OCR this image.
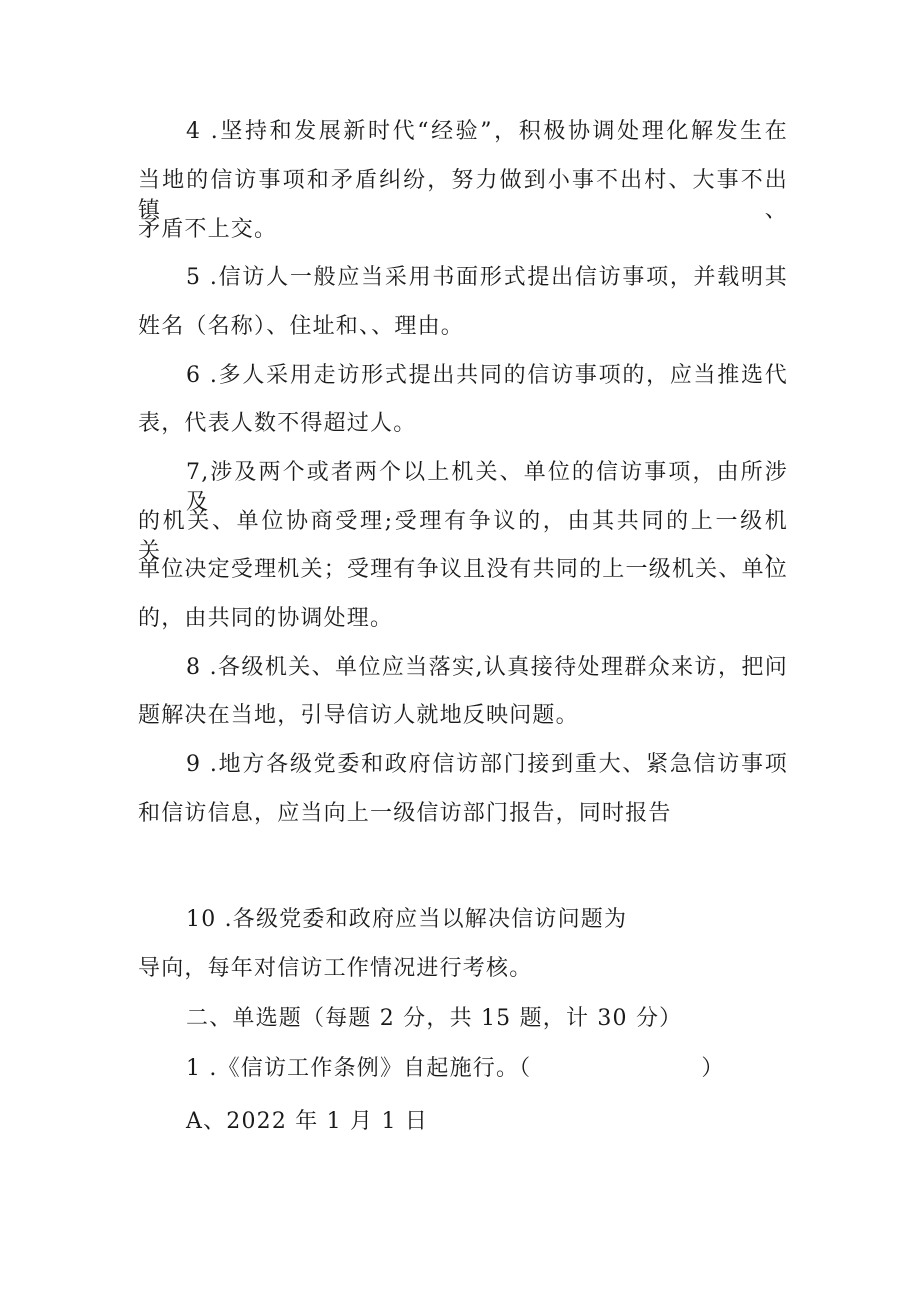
4 .坚持和发展新时代“经验”，积极协调处理化解发生在
当地的信访事项和矛盾纠纷，努力做到小事不出村、大事不出镇、
矛盾不上交。
5 .信访人一般应当采用书面形式提出信访事项，并载明其
姓名（名称）、住址和、、理由。
6 .多人采用走访形式提出共同的信访事项的，应当推选代
表，代表人数不得超过人。
7,涉及两个或者两个以上机关、单位的信访事项，由所涉及
的机关、单位协商受理;受理有争议的，由其共同的上一级机关、
单位决定受理机关；受理有争议且没有共同的上一级机关、单位
的，由共同的协调处理。
8 .各级机关、单位应当落实,认真接待处理群众来访，把问
题解决在当地，引导信访人就地反映问题。
9 .地方各级党委和政府信访部门接到重大、紧急信访事项
和信访信息，应当向上一级信访部门报告，同时报告
10 .各级党委和政府应当以解决信访问题为
导向，每年对信访工作情况进行考核。
二、单选题（每题 2 分，共 15 题，计 30 分）
1 .《信访工作条例》自起施行。（	）
A、2022 年 1 月 1 日
